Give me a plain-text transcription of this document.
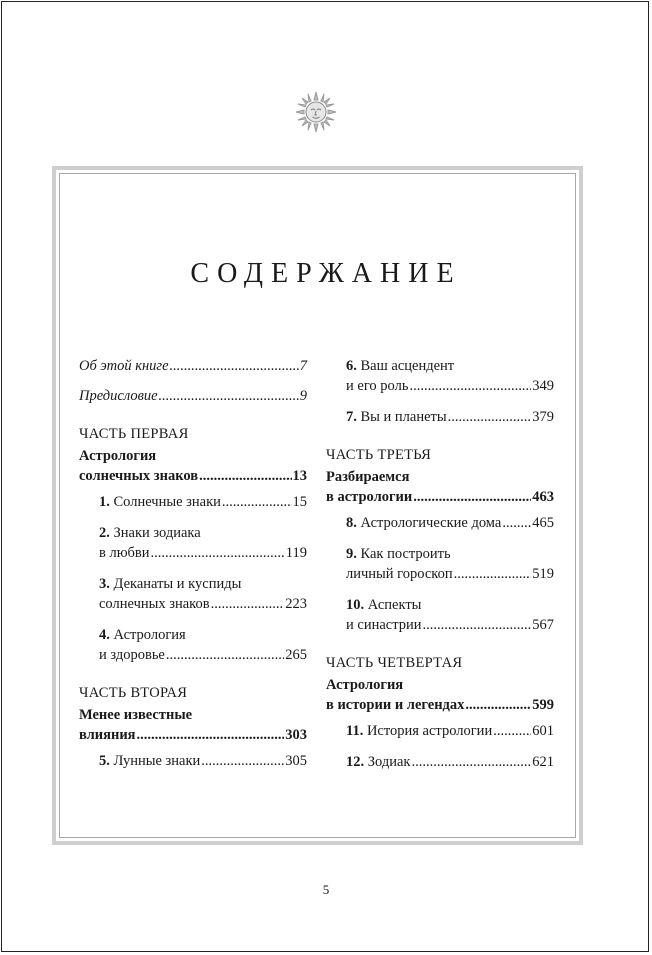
СОДЕРЖАНИЕ
Об этой книге .....	7
Предисловие .....	9
ЧАСТЬ ПЕРВАЯ
Астрология
солнечных знаков .....	13
1. Солнечные знаки .....	15
2. Знаки зодиака
в любви .....	119
3. Деканаты и куспиды
солнечных знаков .....	223
4. Астрология
и здоровье .....	265
ЧАСТЬ ВТОРАЯ
Менее известные
влияния .....	303
5. Лунные знаки .....	305
6. Ваш асцендент
и его роль .....	349
7. Вы и планеты .....	379
ЧАСТЬ ТРЕТЬЯ
Разбираемся
в астрологии .....	463
8. Астрологические дома ..... 465
9. Как построить
личный гороскоп .....	519
10. Аспекты
и синастрии .....	567
ЧАСТЬ ЧЕТВЕРТАЯ
Астрология
в истории и легендах .....	599
11. История астрологии .....	601
12. Зодиак .....	621
5
